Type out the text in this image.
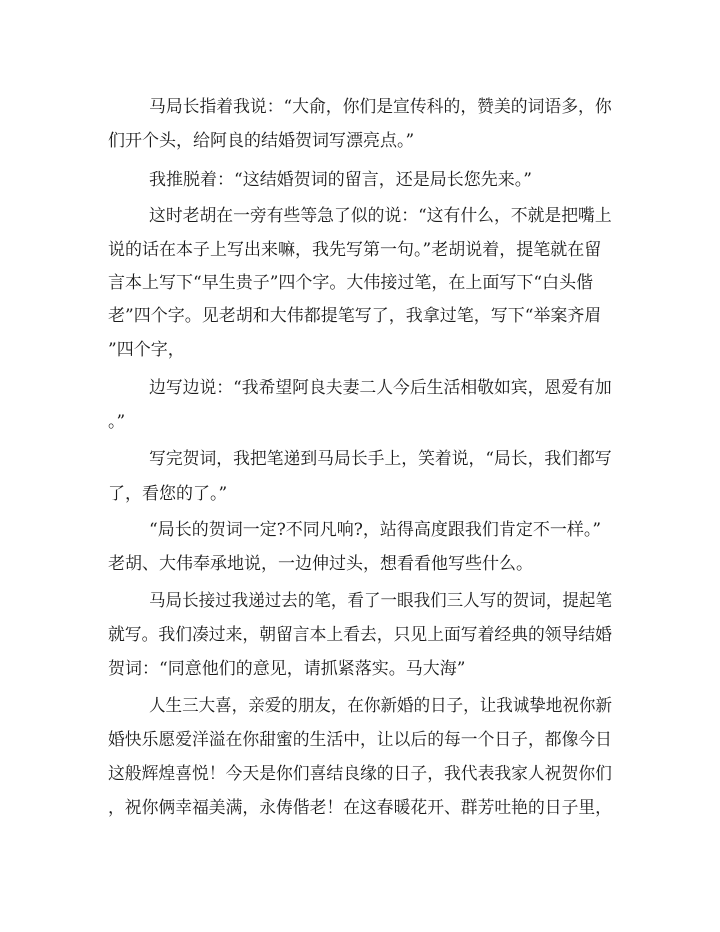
马局长指着我说：“大俞，你们是宣传科的，赞美的词语多，你
们开个头，给阿良的结婚贺词写漂亮点。”
我推脱着：“这结婚贺词的留言，还是局长您先来。”
这时老胡在一旁有些等急了似的说：“这有什么，不就是把嘴上
说的话在本子上写出来嘛，我先写第一句。”老胡说着，提笔就在留
言本上写下“早生贵子”四个字。大伟接过笔，在上面写下“白头偕
老”四个字。见老胡和大伟都提笔写了，我拿过笔，写下“举案齐眉
”四个字，
边写边说：“我希望阿良夫妻二人今后生活相敬如宾，恩爱有加
。”
写完贺词，我把笔递到马局长手上，笑着说，“局长，我们都写
了，看您的了。”
“局长的贺词一定?不同凡响?，站得高度跟我们肯定不一样。”
老胡、大伟奉承地说，一边伸过头，想看看他写些什么。
马局长接过我递过去的笔，看了一眼我们三人写的贺词，提起笔
就写。我们凑过来，朝留言本上看去，只见上面写着经典的领导结婚
贺词：“同意他们的意见，请抓紧落实。马大海”
人生三大喜，亲爱的朋友，在你新婚的日子，让我诚挚地祝你新
婚快乐愿爱洋溢在你甜蜜的生活中，让以后的每一个日子，都像今日
这般辉煌喜悦！今天是你们喜结良缘的日子，我代表我家人祝贺你们
，祝你俩幸福美满，永俦偕老！在这春暖花开、群芳吐艳的日子里，
